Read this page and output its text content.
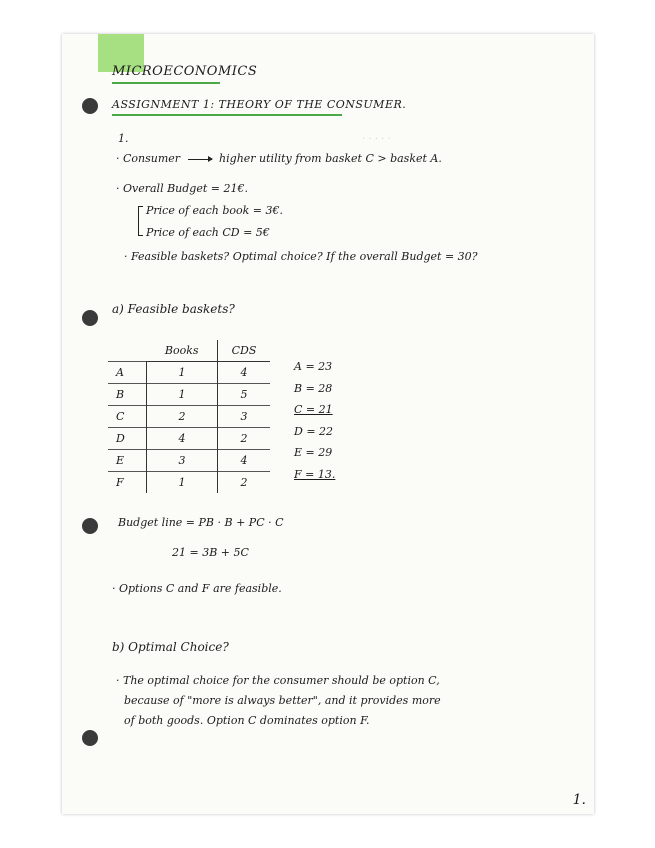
· · · · ·
MICROECONOMICS
ASSIGNMENT 1: THEORY OF THE CONSUMER.
1.
· Consumer	higher utility from basket C > basket A.
· Overall Budget = 21€.
Price of each book = 3€.
Price of each CD = 5€
· Feasible baskets? Optimal choice? If the overall Budget = 30?
a) Feasible baskets?
	Books	CDS
A	1	4
B	1	5
C	2	3
D	4	2
E	3	4
F	1	2
A = 23
B = 28
C = 21
D = 22
E = 29
F = 13.
Budget line = PB · B + PC · C
21 = 3B + 5C
· Options C and F are feasible.
b) Optimal Choice?
· The optimal choice for the consumer should be option C,
because of "more is always better", and it provides more
of both goods. Option C dominates option F.
1.
